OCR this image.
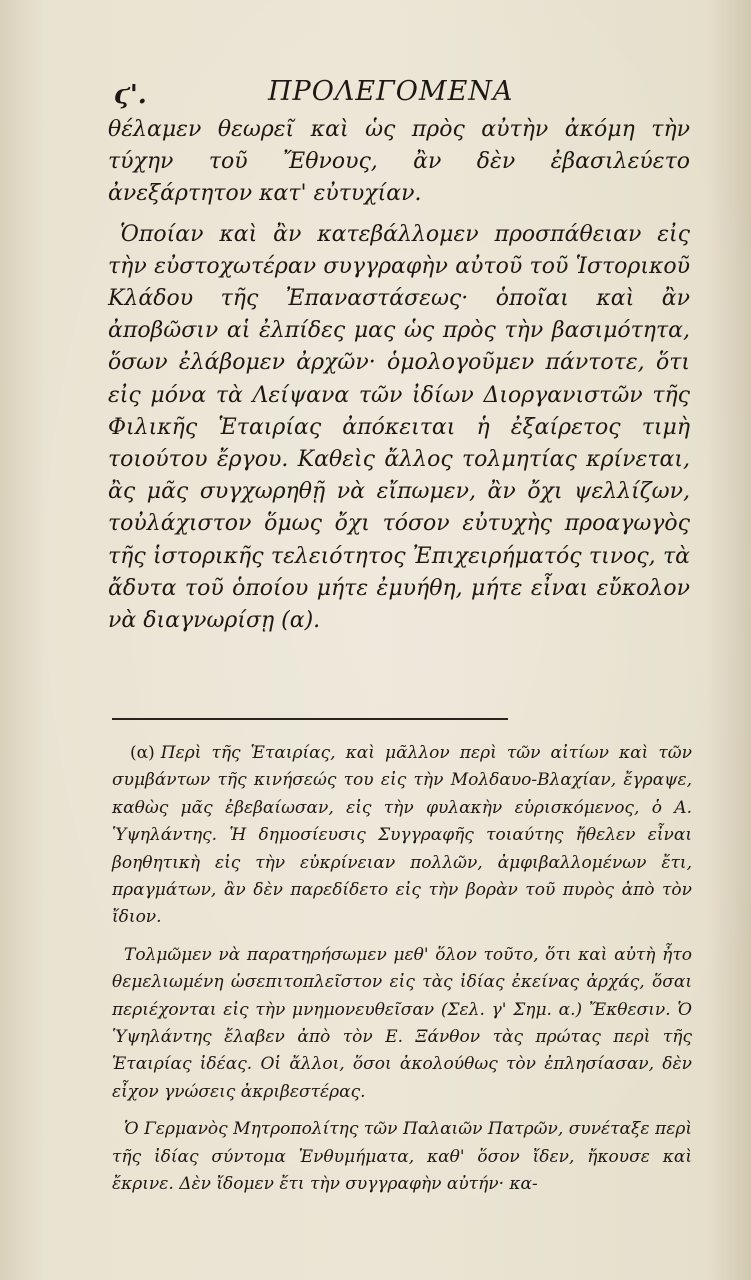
ϛ'.	ΠΡΟΛΕΓΟΜΕΝΑ

θέλαμεν θεωρεῖ καὶ ὡς πρὸς αὐτὴν ἀκόμη τὴν τύχην τοῦ Ἔθνους, ἂν δὲν ἐβασιλεύετο ἀνεξάρτητον κατ' εὐτυχίαν.

Ὁποίαν καὶ ἂν κατεβάλλομεν προσπάθειαν εἰς τὴν εὐστοχωτέραν συγγραφὴν αὐτοῦ τοῦ Ἱστορικοῦ Κλάδου τῆς Ἐπαναστάσεως· ὁποῖαι καὶ ἂν ἀποβῶσιν αἱ ἐλπίδες μας ὡς πρὸς τὴν βασιμότητα, ὅσων ἐλάβομεν ἀρχῶν· ὁμολογοῦμεν πάντοτε, ὅτι εἰς μόνα τὰ Λείψανα τῶν ἰδίων Διοργανιστῶν τῆς Φιλικῆς Ἑταιρίας ἀπόκειται ἡ ἐξαίρετος τιμὴ τοιούτου ἔργου. Καθεὶς ἄλλος τολμητίας κρίνεται, ἂς μᾶς συγχωρηθῇ νὰ εἴπωμεν, ἂν ὄχι ψελλίζων, τοὐλάχιστον ὅμως ὄχι τόσον εὐτυχὴς προαγωγὸς τῆς ἱστορικῆς τελειότητος Ἐπιχειρήματός τινος, τὰ ἄδυτα τοῦ ὁποίου μήτε ἐμυήθη, μήτε εἶναι εὔκολον νὰ διαγνωρίσῃ (α).

(α) Περὶ τῆς Ἑταιρίας, καὶ μᾶλλον περὶ τῶν αἰτίων καὶ τῶν συμβάντων τῆς κινήσεώς του εἰς τὴν Μολδαυο-Βλαχίαν, ἔγραψε, καθὼς μᾶς ἐβεβαίωσαν, εἰς τὴν φυλακὴν εὑρισκόμενος, ὁ Α. Ὑψηλάντης. Ἡ δημοσίευσις Συγγραφῆς τοιαύτης ἤθελεν εἶναι βοηθητικὴ εἰς τὴν εὐκρίνειαν πολλῶν, ἀμφιβαλλομένων ἔτι, πραγμάτων, ἂν δὲν παρεδίδετο εἰς τὴν βορὰν τοῦ πυρὸς ἀπὸ τὸν ἴδιον.

Τολμῶμεν νὰ παρατηρήσωμεν μεθ' ὅλον τοῦτο, ὅτι καὶ αὐτὴ ἦτο θεμελιωμένη ὡσεπιτοπλεῖστον εἰς τὰς ἰδίας ἐκείνας ἀρχάς, ὅσαι περιέχονται εἰς τὴν μνημονευθεῖσαν (Σελ. γ' Σημ. α.) Ἔκθεσιν. Ὁ Ὑψηλάντης ἔλαβεν ἀπὸ τὸν Ε. Ξάνθον τὰς πρώτας περὶ τῆς Ἑταιρίας ἰδέας. Οἱ ἄλλοι, ὅσοι ἀκολούθως τὸν ἐπλησίασαν, δὲν εἶχον γνώσεις ἀκριβεστέρας.

Ὁ Γερμανὸς Μητροπολίτης τῶν Παλαιῶν Πατρῶν, συνέταξε περὶ τῆς ἰδίας σύντομα Ἐνθυμήματα, καθ' ὅσον ἴδεν, ἤκουσε καὶ ἔκρινε. Δὲν ἴδομεν ἔτι τὴν συγγραφὴν αὐτήν· κα-
